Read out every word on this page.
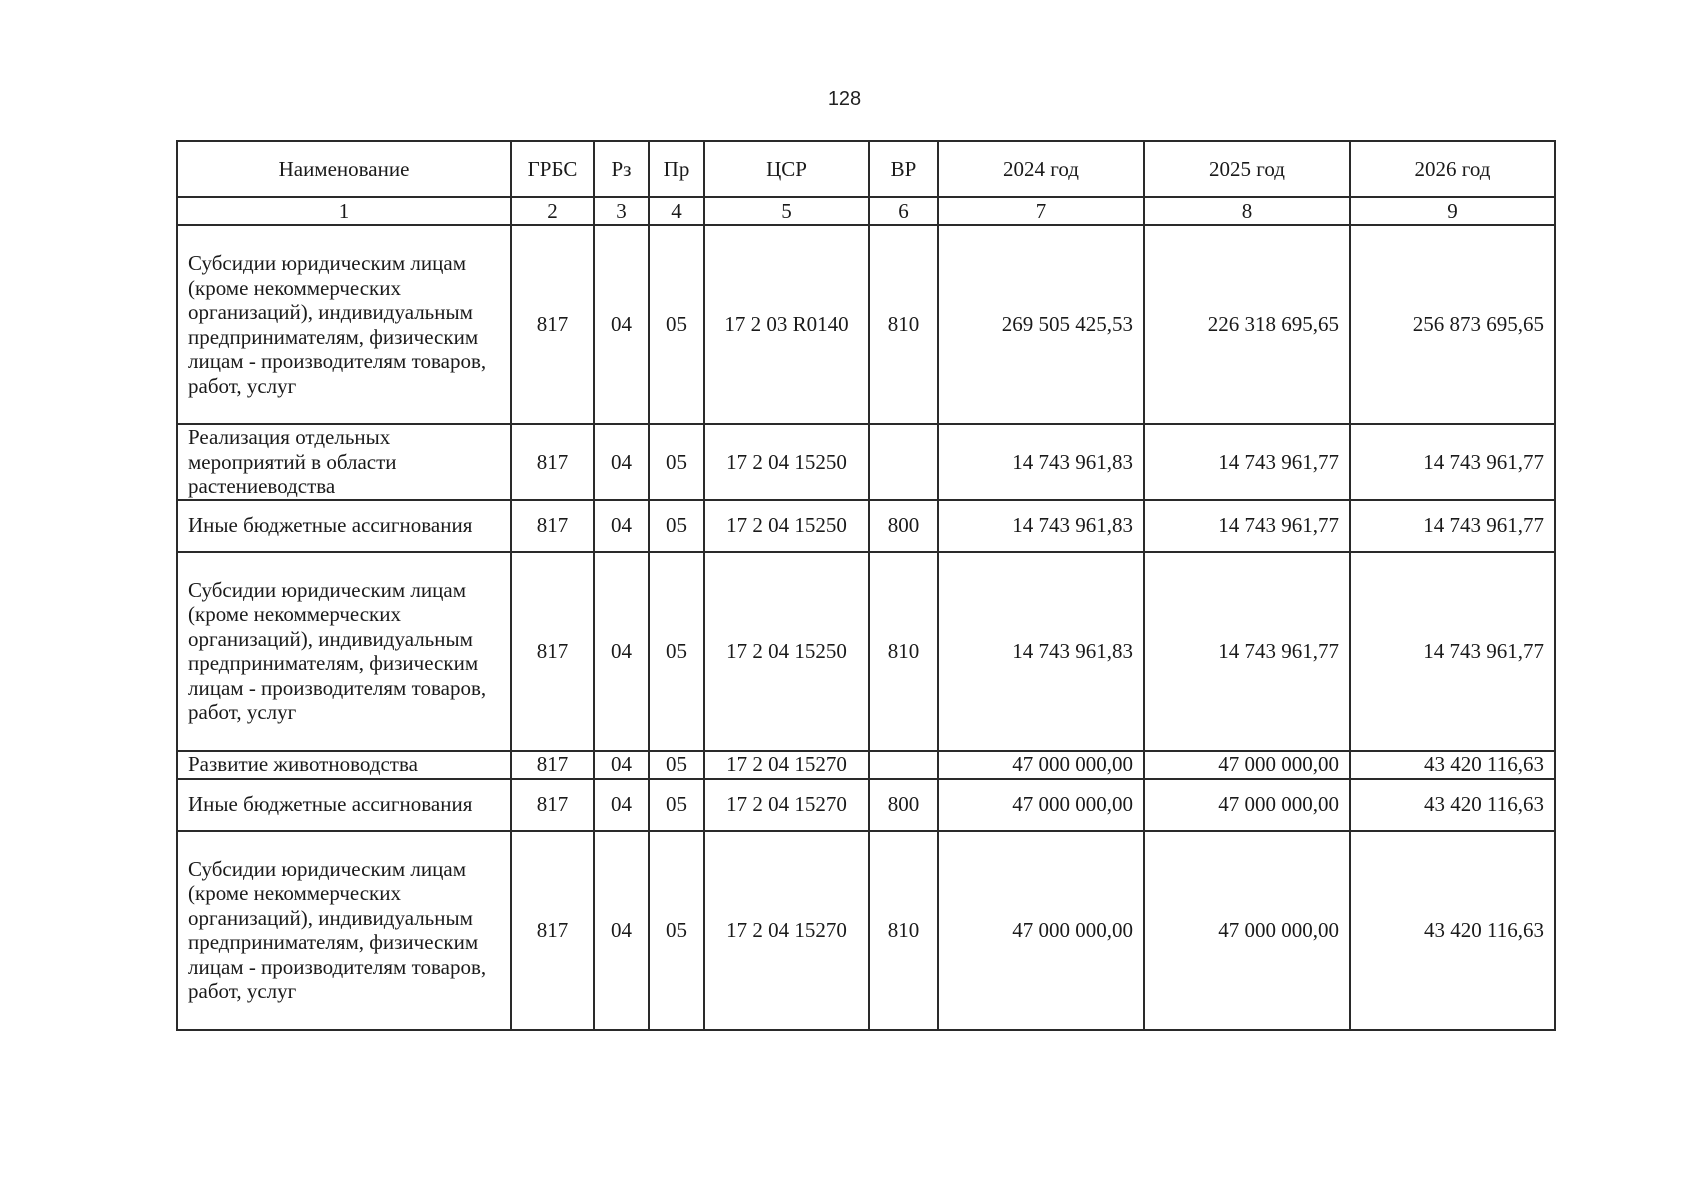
128
Наименование	ГРБС	Рз	Пр	ЦСР	ВР	2024 год	2025 год	2026 год
1	2	3	4	5	6	7	8	9
Субсидии юридическим лицам (кроме некоммерческих организаций), индивидуальным предпринимателям, физическим лицам - производителям товаров, работ, услуг	817	04	05	17 2 03 R0140	810	269 505 425,53	226 318 695,65	256 873 695,65
Реализация отдельных мероприятий в области растениеводства	817	04	05	17 2 04 15250		14 743 961,83	14 743 961,77	14 743 961,77
Иные бюджетные ассигнования	817	04	05	17 2 04 15250	800	14 743 961,83	14 743 961,77	14 743 961,77
Субсидии юридическим лицам (кроме некоммерческих организаций), индивидуальным предпринимателям, физическим лицам - производителям товаров, работ, услуг	817	04	05	17 2 04 15250	810	14 743 961,83	14 743 961,77	14 743 961,77
Развитие животноводства	817	04	05	17 2 04 15270		47 000 000,00	47 000 000,00	43 420 116,63
Иные бюджетные ассигнования	817	04	05	17 2 04 15270	800	47 000 000,00	47 000 000,00	43 420 116,63
Субсидии юридическим лицам (кроме некоммерческих организаций), индивидуальным предпринимателям, физическим лицам - производителям товаров, работ, услуг	817	04	05	17 2 04 15270	810	47 000 000,00	47 000 000,00	43 420 116,63
